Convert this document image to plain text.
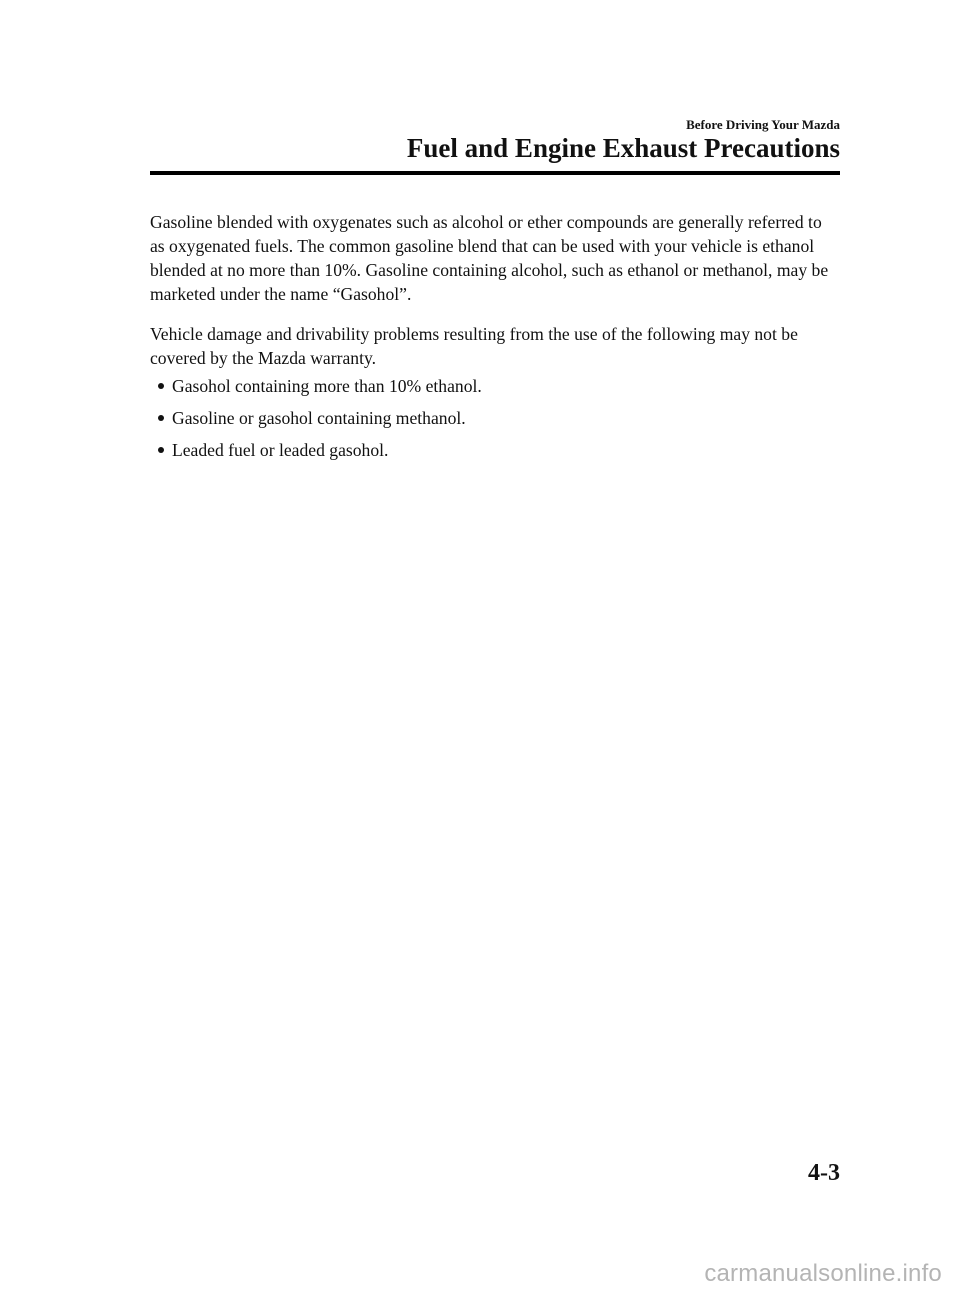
Before Driving Your Mazda
Fuel and Engine Exhaust Precautions

Gasoline blended with oxygenates such as alcohol or ether compounds are generally referred to as oxygenated fuels. The common gasoline blend that can be used with your vehicle is ethanol blended at no more than 10%. Gasoline containing alcohol, such as ethanol or methanol, may be marketed under the name “Gasohol”.

Vehicle damage and drivability problems resulting from the use of the following may not be covered by the Mazda warranty.

Gasohol containing more than 10% ethanol.
Gasoline or gasohol containing methanol.
Leaded fuel or leaded gasohol.
4-3
carmanualsonline.info
